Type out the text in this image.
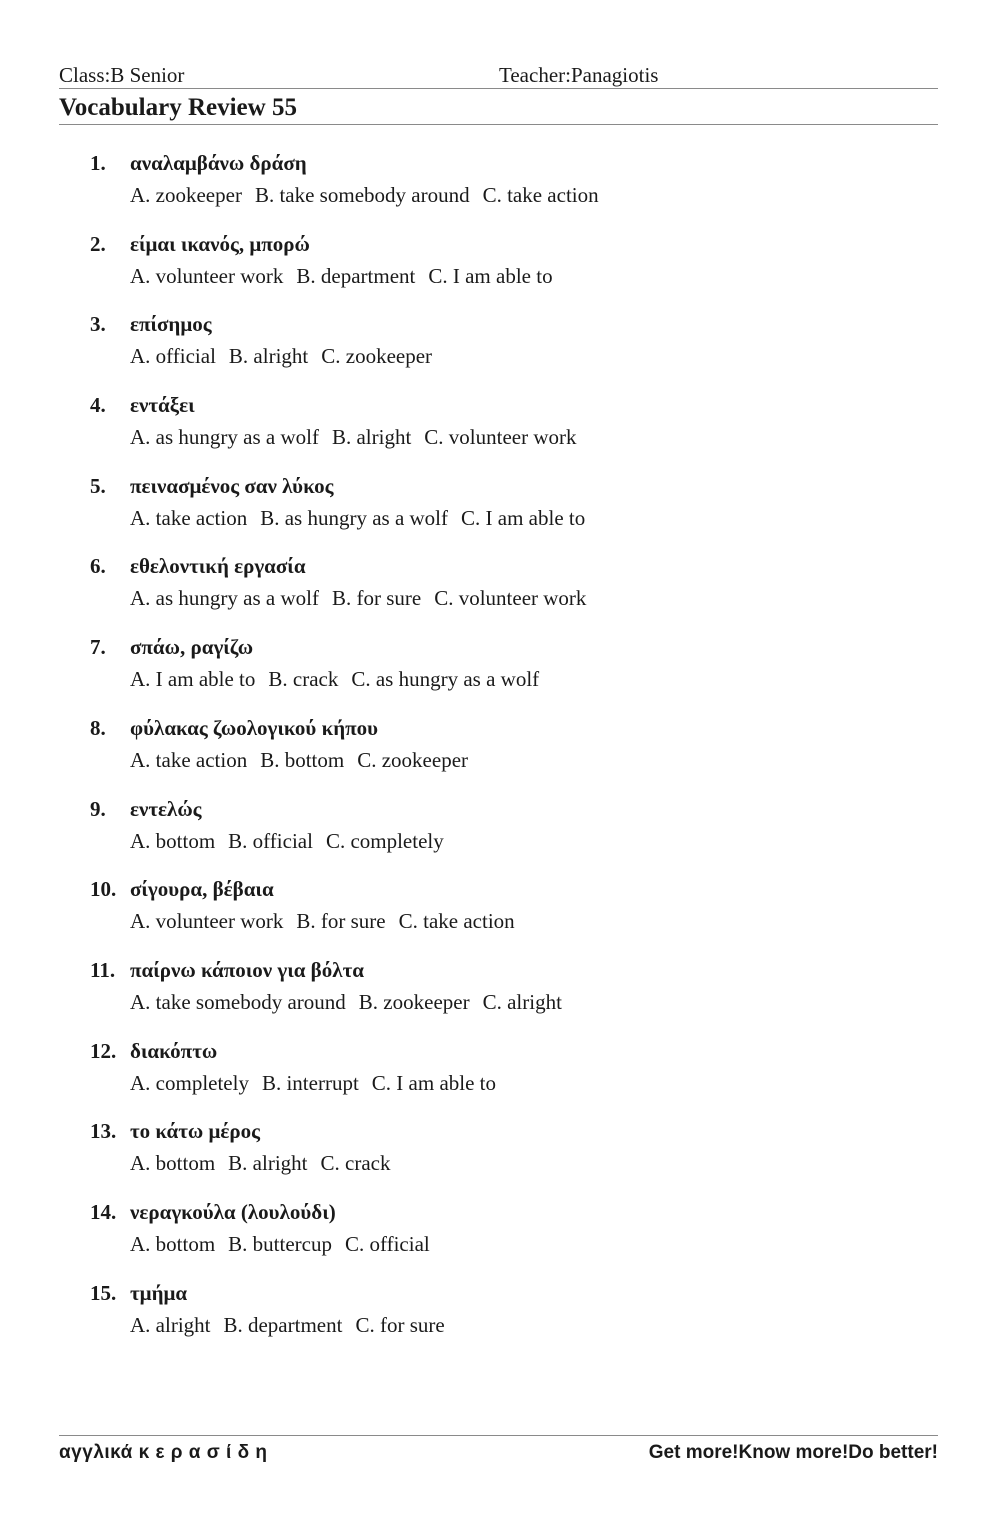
Class:B Senior	Teacher:Panagiotis
Vocabulary Review 55
1. αναλαμβάνω δράση
A. zookeeper B. take somebody around C. take action
2. είμαι ικανός, μπορώ
A. volunteer work B. department C. I am able to
3. επίσημος
A. official B. alright C. zookeeper
4. εντάξει
A. as hungry as a wolf B. alright C. volunteer work
5. πεινασμένος σαν λύκος
A. take action B. as hungry as a wolf C. I am able to
6. εθελοντική εργασία
A. as hungry as a wolf B. for sure C. volunteer work
7. σπάω, ραγίζω
A. I am able to B. crack C. as hungry as a wolf
8. φύλακας ζωολογικού κήπου
A. take action B. bottom C. zookeeper
9. εντελώς
A. bottom B. official C. completely
10. σίγουρα, βέβαια
A. volunteer work B. for sure C. take action
11. παίρνω κάποιον για βόλτα
A. take somebody around B. zookeeper C. alright
12. διακόπτω
A. completely B. interrupt C. I am able to
13. το κάτω μέρος
A. bottom B. alright C. crack
14. νεραγκούλα (λουλούδι)
A. bottom B. buttercup C. official
15. τμήμα
A. alright B. department C. for sure
αγγλικά κ ε ρ α σ ί δ η	Get more!Know more!Do better!
